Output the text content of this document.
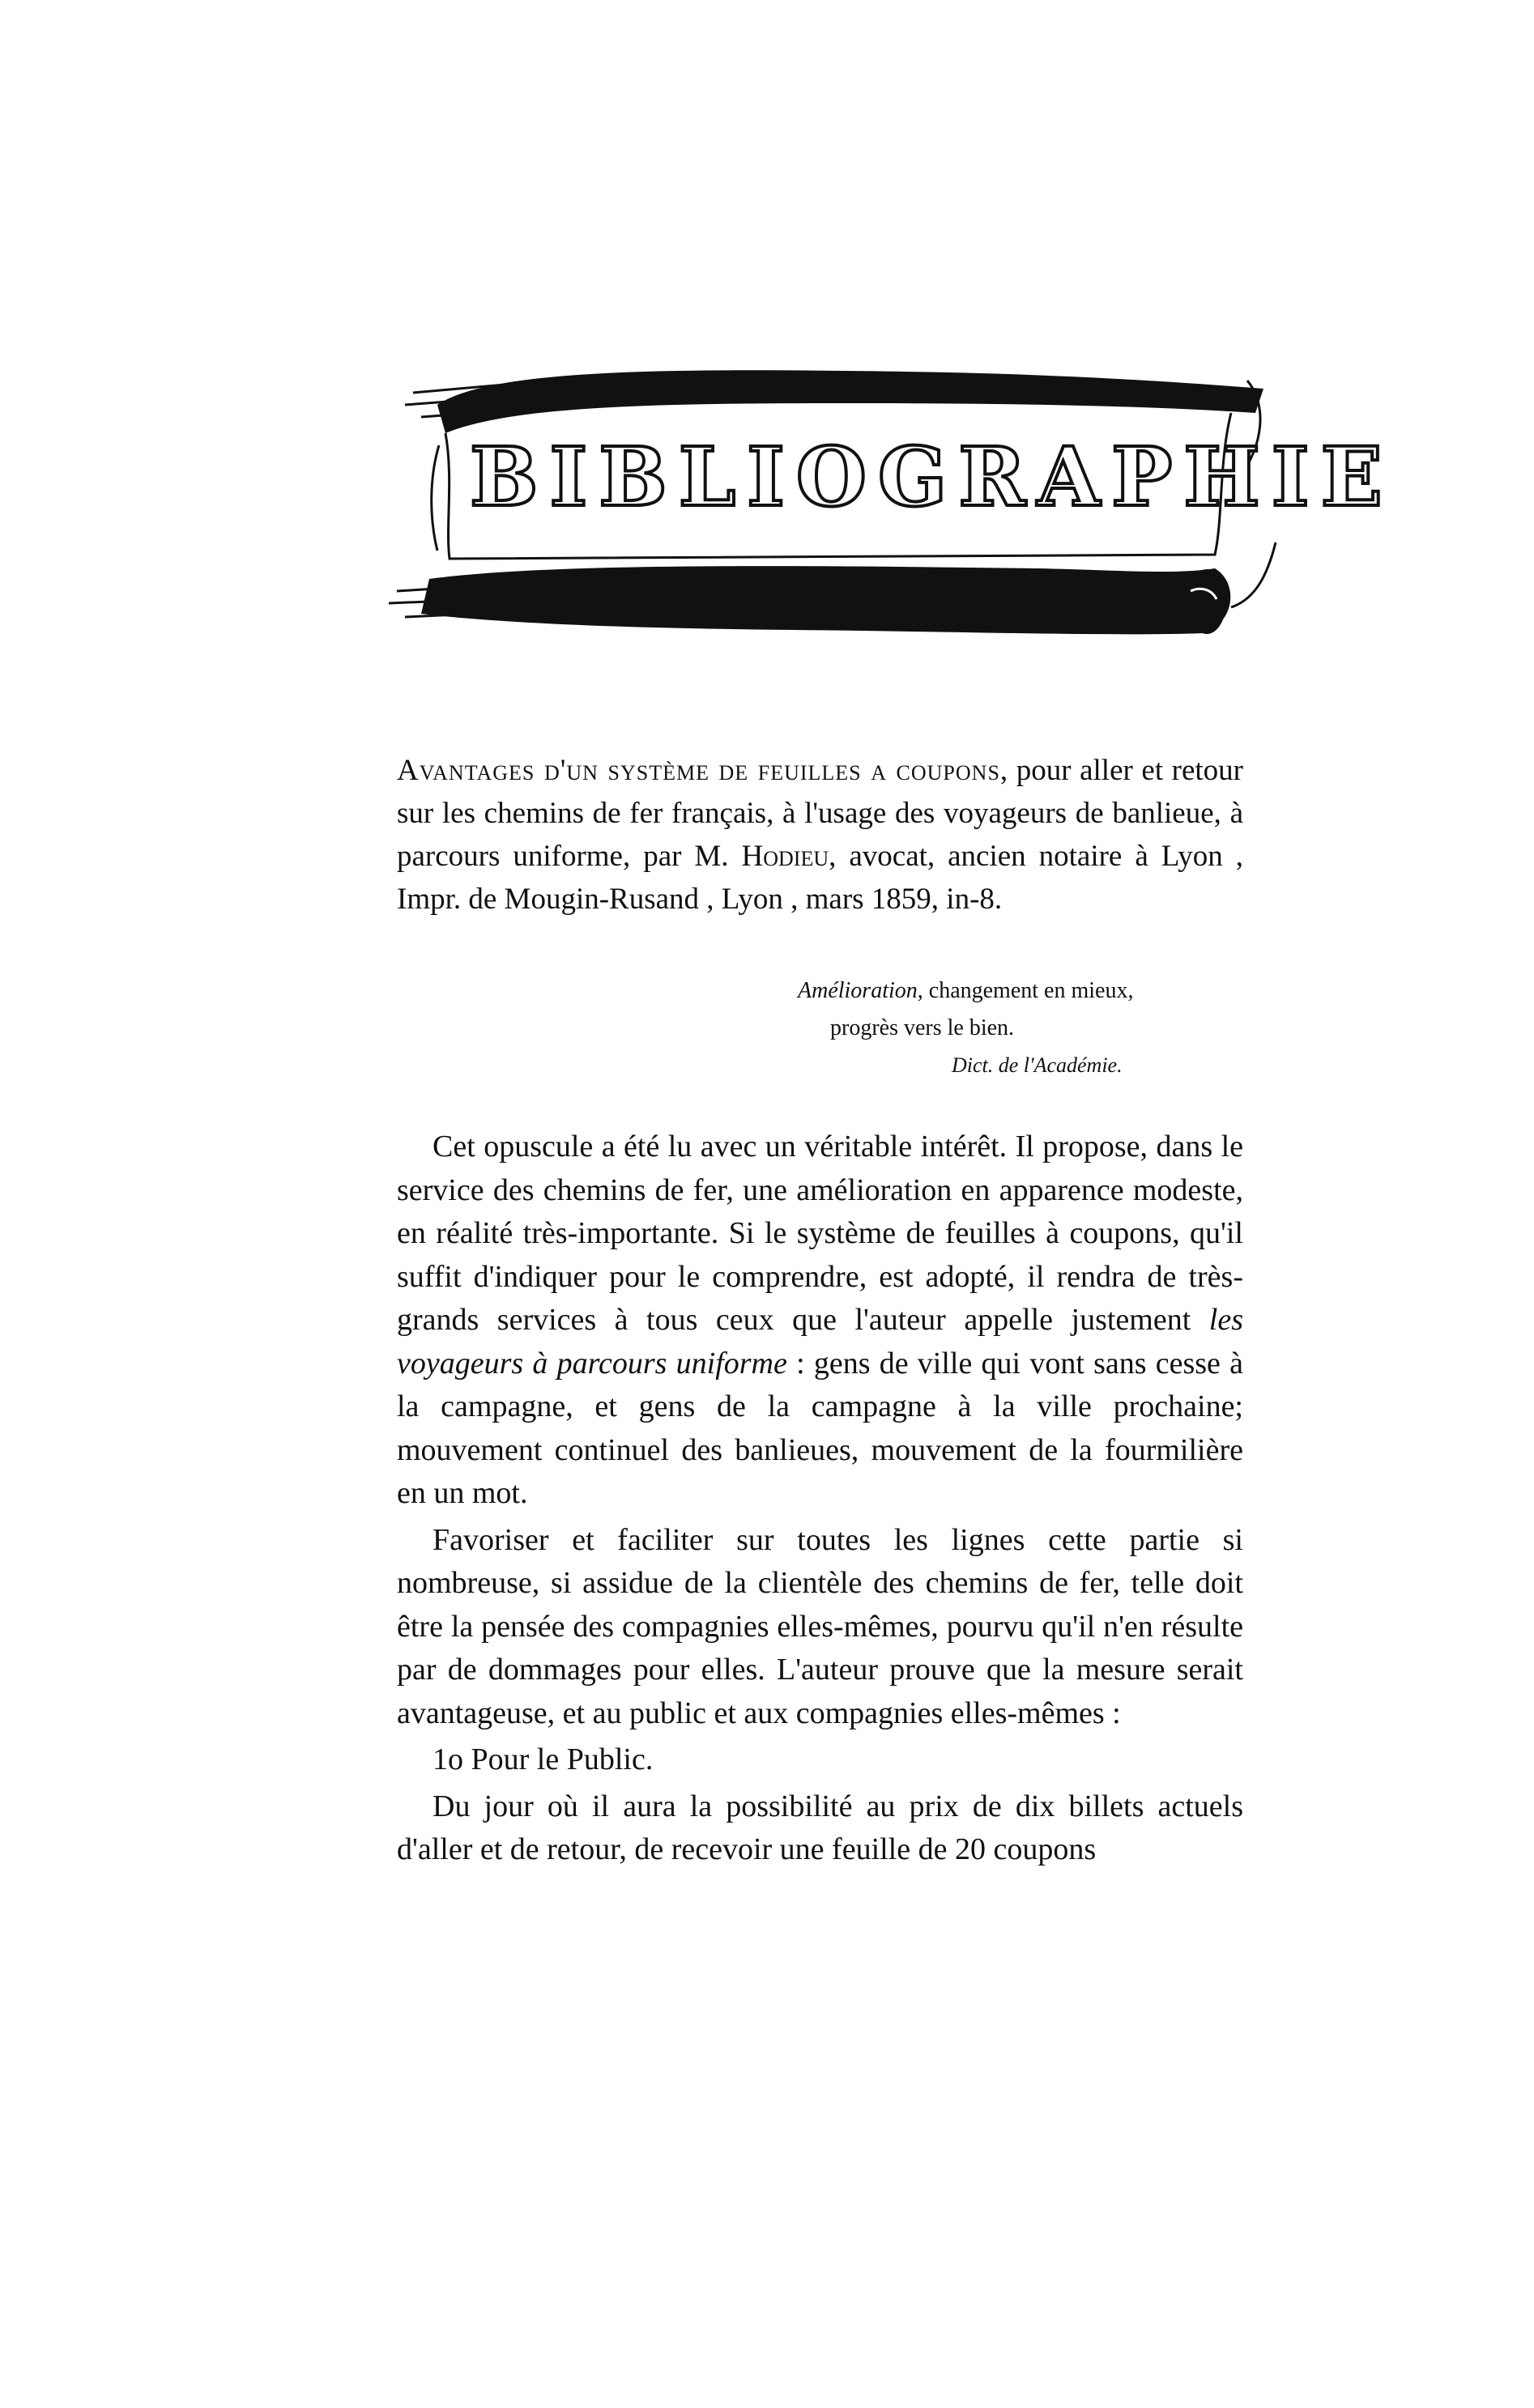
BIBLIOGRAPHIE
Avantages d'un système de feuilles a coupons, pour aller et retour sur les chemins de fer français, à l'usage des voyageurs de banlieue, à parcours uniforme, par M. Hodieu, avocat, ancien notaire à Lyon , Impr. de Mougin-Rusand , Lyon , mars 1859, in-8.
Amélioration, changement en mieux,
progrès vers le bien.
Dict. de l'Académie.

Cet opuscule a été lu avec un véritable intérêt. Il propose, dans le service des chemins de fer, une amélioration en apparence modeste, en réalité très-importante. Si le système de feuilles à coupons, qu'il suffit d'indiquer pour le comprendre, est adopté, il rendra de très-grands services à tous ceux que l'auteur appelle justement les voyageurs à parcours uniforme : gens de ville qui vont sans cesse à la campagne, et gens de la campagne à la ville prochaine; mouvement continuel des banlieues, mouvement de la fourmilière en un mot.

Favoriser et faciliter sur toutes les lignes cette partie si nombreuse, si assidue de la clientèle des chemins de fer, telle doit être la pensée des compagnies elles-mêmes, pourvu qu'il n'en résulte par de dommages pour elles. L'auteur prouve que la mesure serait avantageuse, et au public et aux compagnies elles-mêmes :

1o Pour le Public.

Du jour où il aura la possibilité au prix de dix billets actuels d'aller et de retour, de recevoir une feuille de 20 coupons
